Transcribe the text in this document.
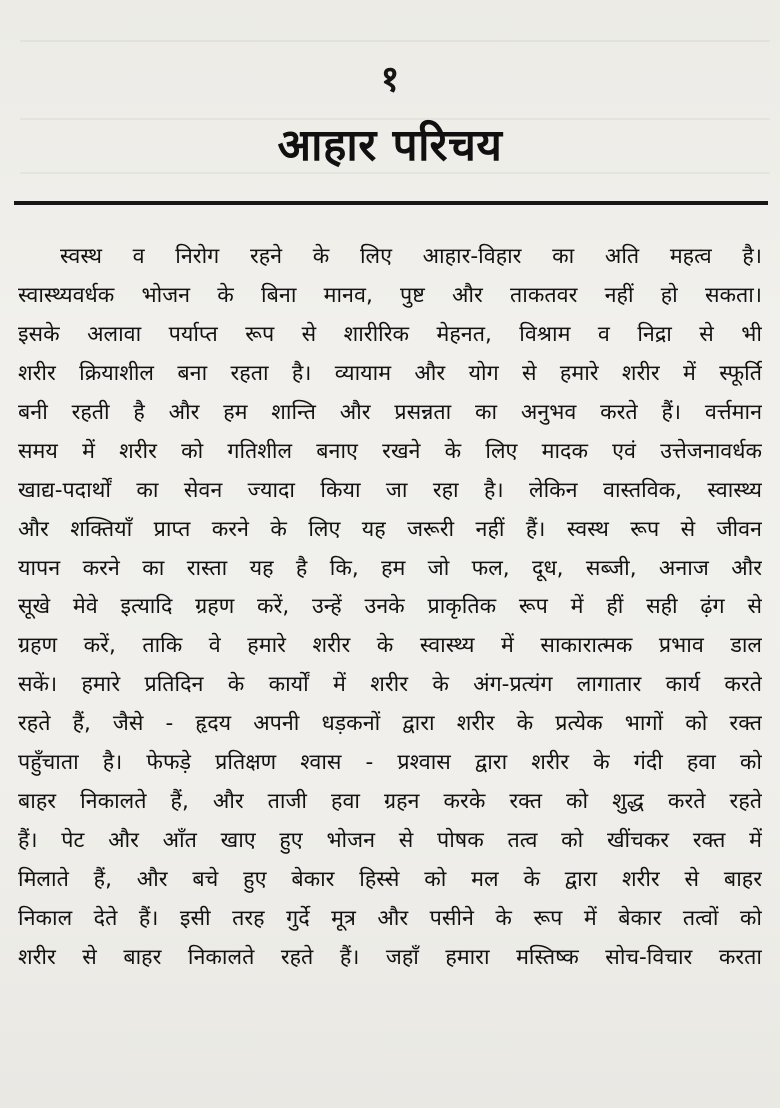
१
आहार परिचय
स्वस्थ व निरोग रहने के लिए आहार-विहार का अति महत्व है।
स्वास्थ्यवर्धक भोजन के बिना मानव, पुष्ट और ताकतवर नहीं हो सकता।
इसके अलावा पर्याप्त रूप से शारीरिक मेहनत, विश्राम व निद्रा से भी
शरीर क्रियाशील बना रहता है। व्यायाम और योग से हमारे शरीर में स्फूर्ति
बनी रहती है और हम शान्ति और प्रसन्नता का अनुभव करते हैं। वर्त्तमान
समय में शरीर को गतिशील बनाए रखने के लिए मादक एवं उत्तेजनावर्धक
खाद्य-पदार्थों का सेवन ज्यादा किया जा रहा है। लेकिन वास्तविक, स्वास्थ्य
और शक्तियाँ प्राप्त करने के लिए यह जरूरी नहीं हैं। स्वस्थ रूप से जीवन
यापन करने का रास्ता यह है कि, हम जो फल, दूध, सब्जी, अनाज और
सूखे मेवे इत्यादि ग्रहण करें, उन्हें उनके प्राकृतिक रूप में हीं सही ढ़ंग से
ग्रहण करें, ताकि वे हमारे शरीर के स्वास्थ्य में साकारात्मक प्रभाव डाल
सकें। हमारे प्रतिदिन के कार्यों में शरीर के अंग-प्रत्यंग लागातार कार्य करते
रहते हैं, जैसे - हृदय अपनी धड़कनों द्वारा शरीर के प्रत्येक भागों को रक्त
पहुँचाता है। फेफड़े प्रतिक्षण श्वास - प्रश्वास द्वारा शरीर के गंदी हवा को
बाहर निकालते हैं, और ताजी हवा ग्रहन करके रक्त को शुद्ध करते रहते
हैं। पेट और आँत खाए हुए भोजन से पोषक तत्व को खींचकर रक्त में
मिलाते हैं, और बचे हुए बेकार हिस्से को मल के द्वारा शरीर से बाहर
निकाल देते हैं। इसी तरह गुर्दे मूत्र और पसीने के रूप में बेकार तत्वों को
शरीर से बाहर निकालते रहते हैं। जहाँ हमारा मस्तिष्क सोच-विचार करता
